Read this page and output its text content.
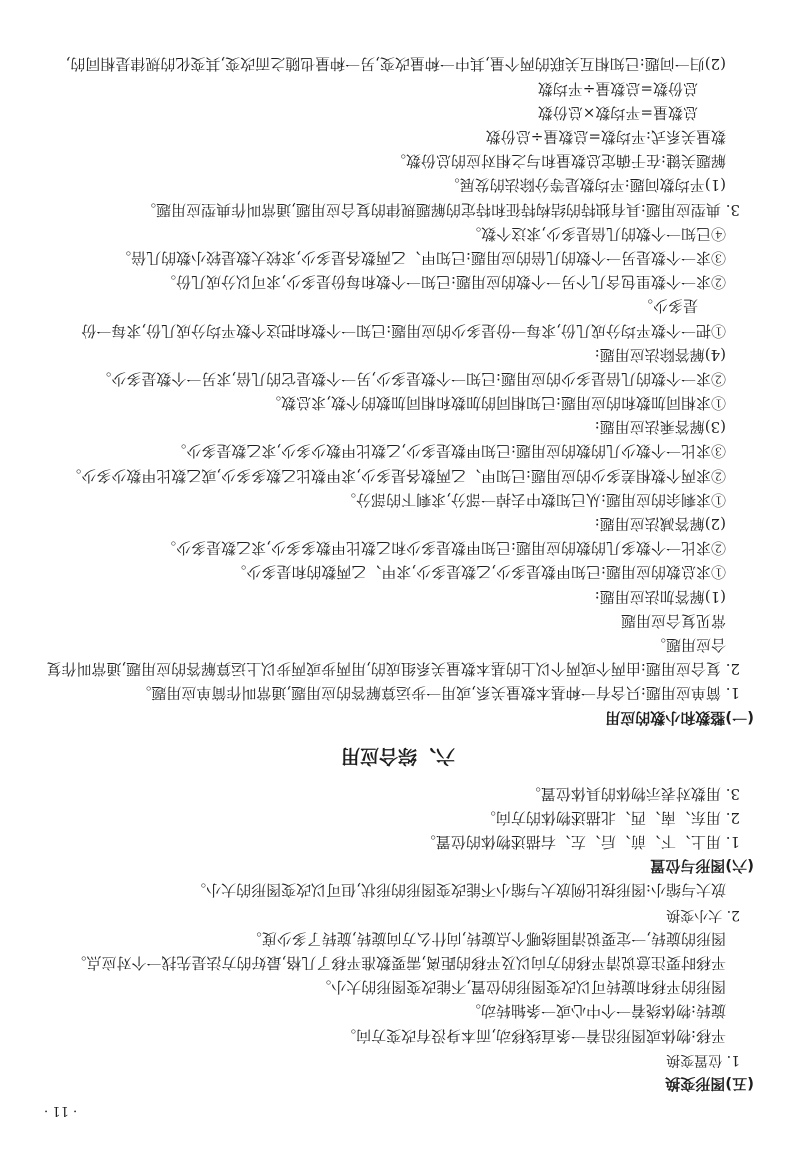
(五)图形变换
1. 位置变换
平移:物体或图形沿着一条直线移动,而本身没有改变方向。
旋转:物体绕着一个中心或一条轴转动。
图形的平移和旋转可以改变图形的位置,不能改变图形的大小。
平移时要注意说清平移的方向以及平移的距离,需要数准平移了几格,最好的方法是先找一个对应点。
图形的旋转,一定要说清围绕哪个点旋转,向什么方向旋转,旋转了多少度。
2. 大小变换
放大与缩小:图形按比例放大与缩小不能改变图形的形状,但可以改变图形的大小。
(六)图形与位置
1. 用上、下、前、后、左、右描述物体的位置。
2. 用东、南、西、北描述物体的方向。
3. 用数对表示物体的具体位置。
六、综合应用
(一)整数和小数的应用
1. 简单应用题:只含有一种基本数量关系,或用一步运算解答的应用题,通常叫作简单应用题。
2. 复合应用题:由两个或两个以上的基本数量关系组成的,用两步或两步以上运算解答的应用题,通常叫作复
合应用题。
常见复合应用题
(1)解答加法应用题:
①求总数的应用题:已知甲数是多少,乙数是多少,求甲、乙两数的和是多少。
②求比一个数多几的数的应用题:已知甲数是多少和乙数比甲数多多少,求乙数是多少。
(2)解答减法应用题:
①求剩余的应用题:从已知数中去掉一部分,求剩下的部分。
②求两个数相差多少的应用题:已知甲、乙两数各是多少,求甲数比乙数多多少,或乙数比甲数少多少。
③求比一个数少几的数的应用题:已知甲数是多少,乙数比甲数少多少,求乙数是多少。
(3)解答乘法应用题:
①求相同加数和的应用题:已知相同的加数和相同加数的个数,求总数。
②求一个数的几倍是多少的应用题:已知一个数是多少,另一个数是它的几倍,求另一个数是多少。
(4)解答除法应用题:
①把一个数平均分成几份,求每一份是多少的应用题:已知一个数和把这个数平均分成几份,求每一份
是多少。
②求一个数里包含几个另一个数的应用题:已知一个数和每份是多少,求可以分成几份。
③求一个数是另一个数的几倍的应用题:已知甲、乙两数各是多少,求较大数是较小数的几倍。
④已知一个数的几倍是多少,求这个数。
3. 典型应用题:具有独特的结构特征和特定的解题规律的复合应用题,通常叫作典型应用题。
(1)平均数问题:平均数是等分除法的发展。
解题关键:在于确定总数量和与之相对应的总份数。
数量关系式:平均数=总数量÷总份数
总数量=平均数×总份数
总份数=总数量÷平均数
(2)归一问题:已知相互关联的两个量,其中一种量改变,另一种量也随之而改变,其变化的规律是相同的,
· 11 ·
